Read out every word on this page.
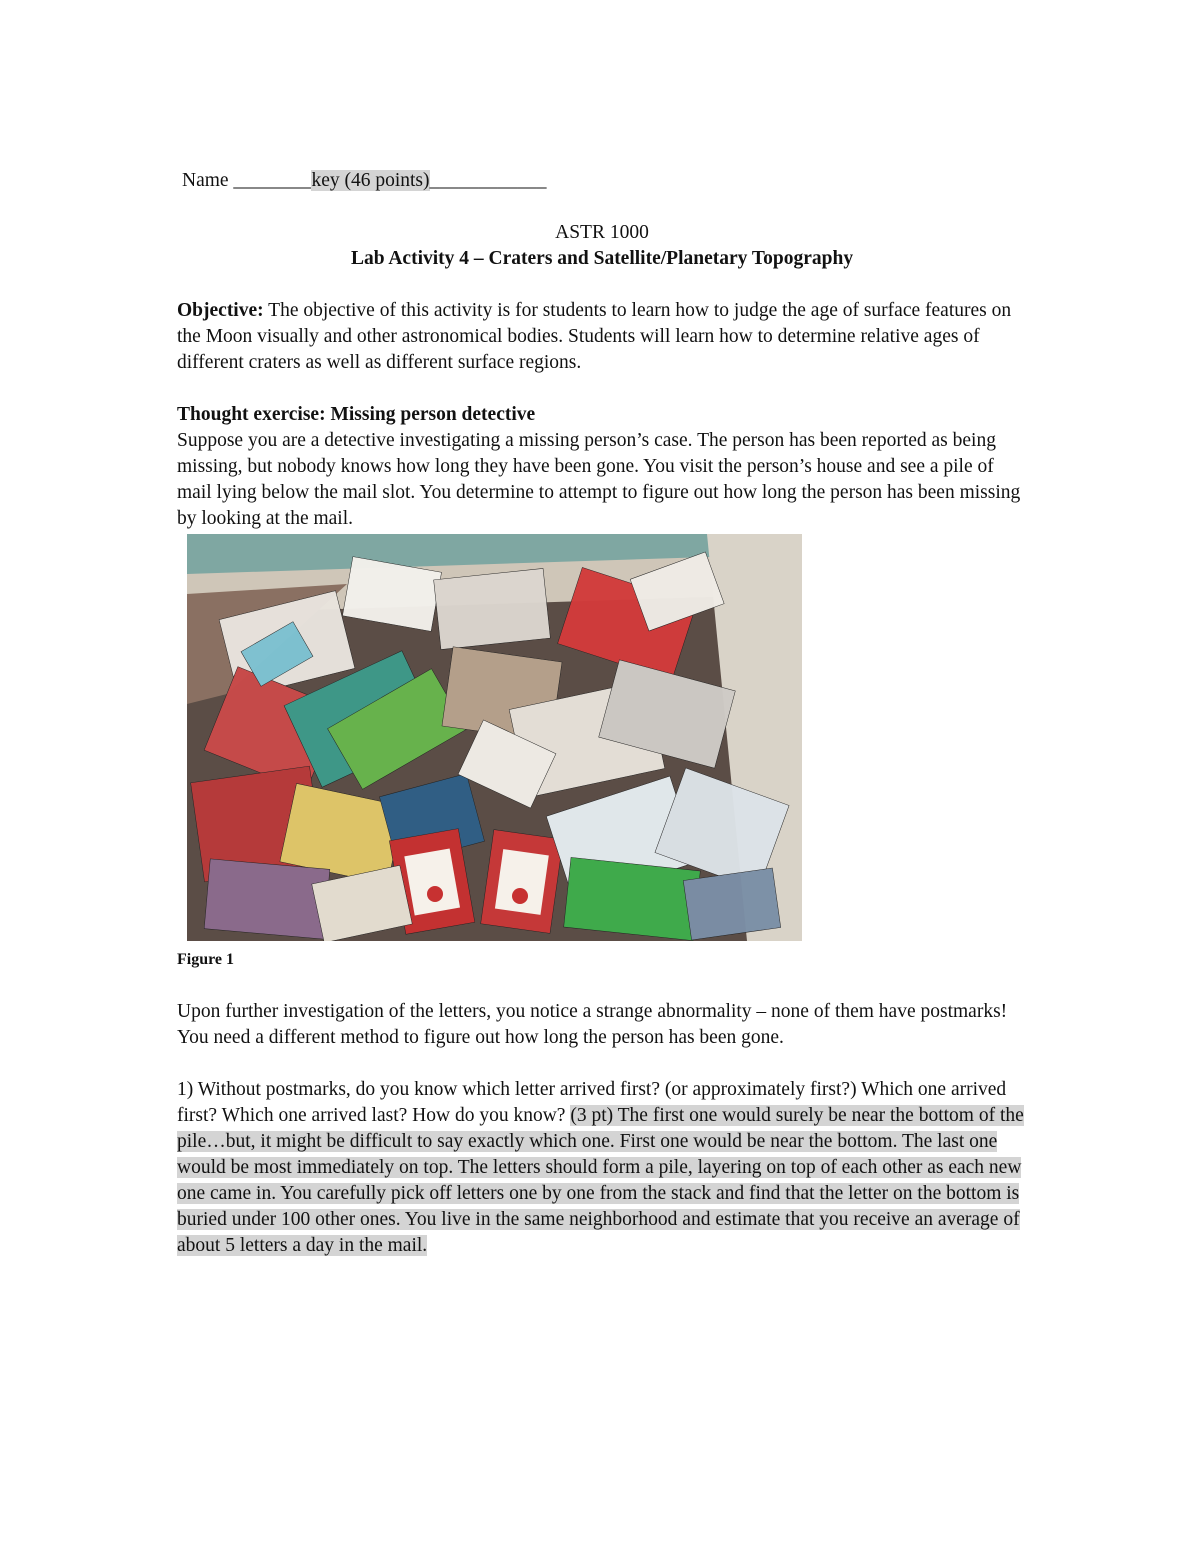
Name ________key (46 points)____________

ASTR 1000

Lab Activity 4 – Craters and Satellite/Planetary Topography

Objective: The objective of this activity is for students to learn how to judge the age of surface features on the Moon visually and other astronomical bodies. Students will learn how to determine relative ages of different craters as well as different surface regions.

Thought exercise: Missing person detective

Suppose you are a detective investigating a missing person’s case. The person has been reported as being missing, but nobody knows how long they have been gone. You visit the person’s house and see a pile of mail lying below the mail slot. You determine to attempt to figure out how long the person has been missing by looking at the mail.

Figure 1

Upon further investigation of the letters, you notice a strange abnormality – none of them have postmarks! You need a different method to figure out how long the person has been gone.

1) Without postmarks, do you know which letter arrived first? (or approximately first?) Which one arrived first? Which one arrived last? How do you know? (3 pt) The first one would surely be near the bottom of the pile…but, it might be difficult to say exactly which one. First one would be near the bottom. The last one would be most immediately on top. The letters should form a pile, layering on top of each other as each new one came in. You carefully pick off letters one by one from the stack and find that the letter on the bottom is buried under 100 other ones. You live in the same neighborhood and estimate that you receive an average of about 5 letters a day in the mail.
